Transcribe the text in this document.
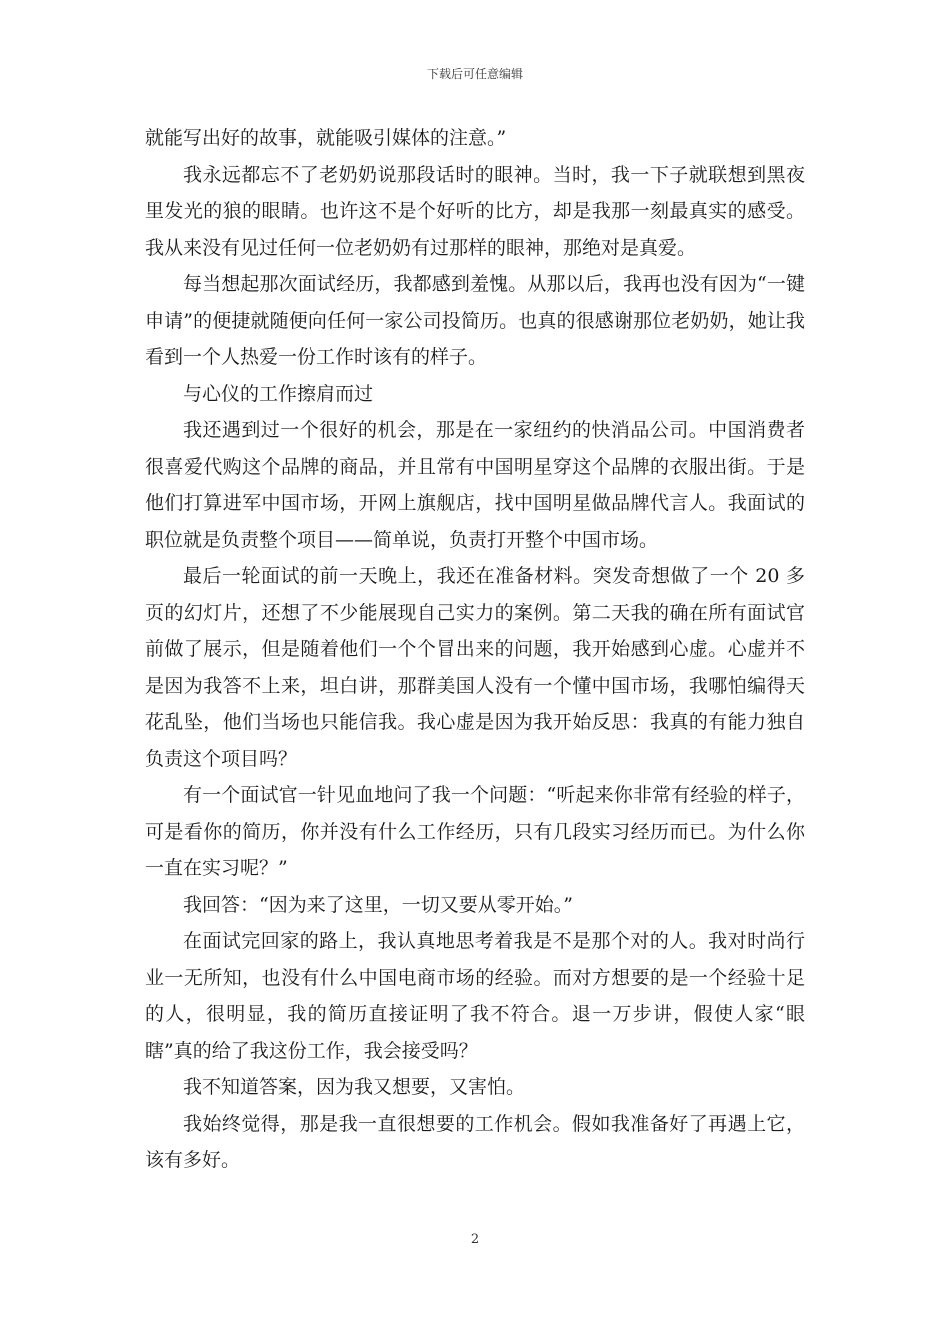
下载后可任意编辑

就能写出好的故事，就能吸引媒体的注意。”

我永远都忘不了老奶奶说那段话时的眼神。当时，我一下子就联想到黑夜里发光的狼的眼睛。也许这不是个好听的比方，却是我那一刻最真实的感受。我从来没有见过任何一位老奶奶有过那样的眼神，那绝对是真爱。

每当想起那次面试经历，我都感到羞愧。从那以后，我再也没有因为“一键申请”的便捷就随便向任何一家公司投简历。也真的很感谢那位老奶奶，她让我看到一个人热爱一份工作时该有的样子。

与心仪的工作擦肩而过

我还遇到过一个很好的机会，那是在一家纽约的快消品公司。中国消费者很喜爱代购这个品牌的商品，并且常有中国明星穿这个品牌的衣服出街。于是他们打算进军中国市场，开网上旗舰店，找中国明星做品牌代言人。我面试的职位就是负责整个项目——简单说，负责打开整个中国市场。

最后一轮面试的前一天晚上，我还在准备材料。突发奇想做了一个 20 多页的幻灯片，还想了不少能展现自己实力的案例。第二天我的确在所有面试官前做了展示，但是随着他们一个个冒出来的问题，我开始感到心虚。心虚并不是因为我答不上来，坦白讲，那群美国人没有一个懂中国市场，我哪怕编得天花乱坠，他们当场也只能信我。我心虚是因为我开始反思：我真的有能力独自负责这个项目吗？

有一个面试官一针见血地问了我一个问题：“听起来你非常有经验的样子，可是看你的简历，你并没有什么工作经历，只有几段实习经历而已。为什么你一直在实习呢？”

我回答：“因为来了这里，一切又要从零开始。”

在面试完回家的路上，我认真地思考着我是不是那个对的人。我对时尚行业一无所知，也没有什么中国电商市场的经验。而对方想要的是一个经验十足的人，很明显，我的简历直接证明了我不符合。退一万步讲，假使人家“眼瞎”真的给了我这份工作，我会接受吗？

我不知道答案，因为我又想要，又害怕。

我始终觉得，那是我一直很想要的工作机会。假如我准备好了再遇上它，该有多好。

2
